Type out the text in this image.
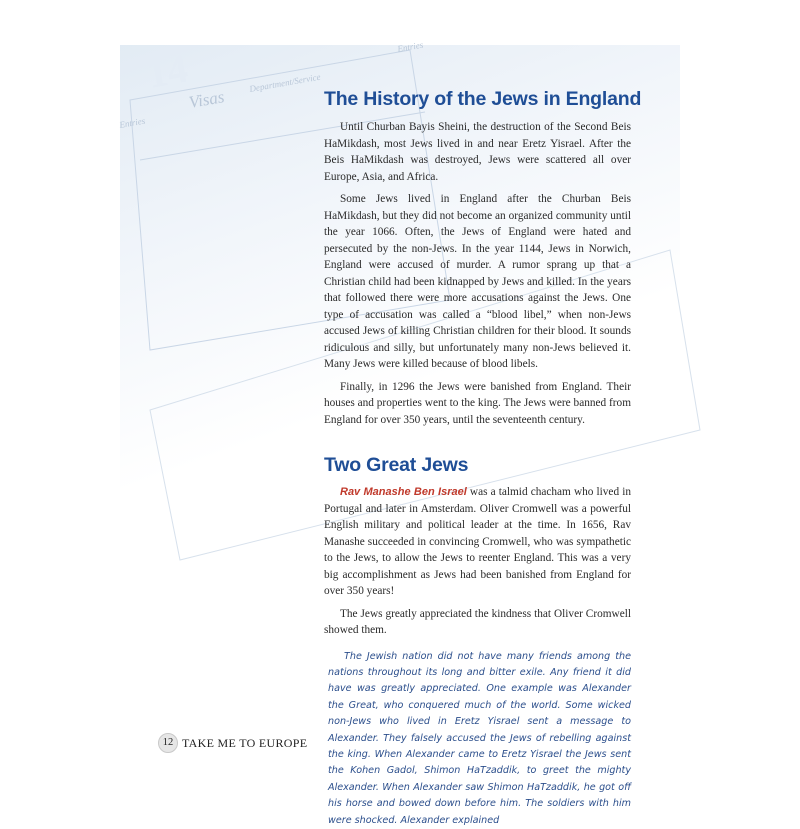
Visas
Department/Service
Entries
Entries
14
The History of the Jews in England

Until Churban Bayis Sheini, the destruction of the Second Beis HaMikdash, most Jews lived in and near Eretz Yisrael. After the Beis HaMikdash was destroyed, Jews were scattered all over Europe, Asia, and Africa.

Some Jews lived in England after the Churban Beis HaMikdash, but they did not become an organized community until the year 1066. Often, the Jews of England were hated and persecuted by the non-Jews. In the year 1144, Jews in Norwich, England were accused of murder. A rumor sprang up that a Christian child had been kidnapped by Jews and killed. In the years that followed there were more accusations against the Jews. One type of accusation was called a “blood libel,” when non-Jews accused Jews of killing Christian children for their blood. It sounds ridiculous and silly, but unfortunately many non-Jews believed it. Many Jews were killed because of blood libels.

Finally, in 1296 the Jews were banished from England. Their houses and properties went to the king. The Jews were banned from England for over 350 years, until the seventeenth century.

Two Great Jews

Rav Manashe Ben Israel was a talmid chacham who lived in Portugal and later in Amsterdam. Oliver Cromwell was a powerful English military and political leader at the time. In 1656, Rav Manashe succeeded in convincing Cromwell, who was sympathetic to the Jews, to allow the Jews to reenter England. This was a very big accomplishment as Jews had been banished from England for over 350 years!

The Jews greatly appreciated the kindness that Oliver Cromwell showed them.

The Jewish nation did not have many friends among the nations throughout its long and bitter exile. Any friend it did have was greatly appreciated. One example was Alexander the Great, who conquered much of the world. Some wicked non-Jews who lived in Eretz Yisrael sent a message to Alexander. They falsely accused the Jews of rebelling against the king. When Alexander came to Eretz Yisrael the Jews sent the Kohen Gadol, Shimon HaTzaddik, to greet the mighty Alexander. When Alexander saw Shimon HaTzaddik, he got off his horse and bowed down before him. The soldiers with him were shocked. Alexander explained
12 TAKE ME TO EUROPE
